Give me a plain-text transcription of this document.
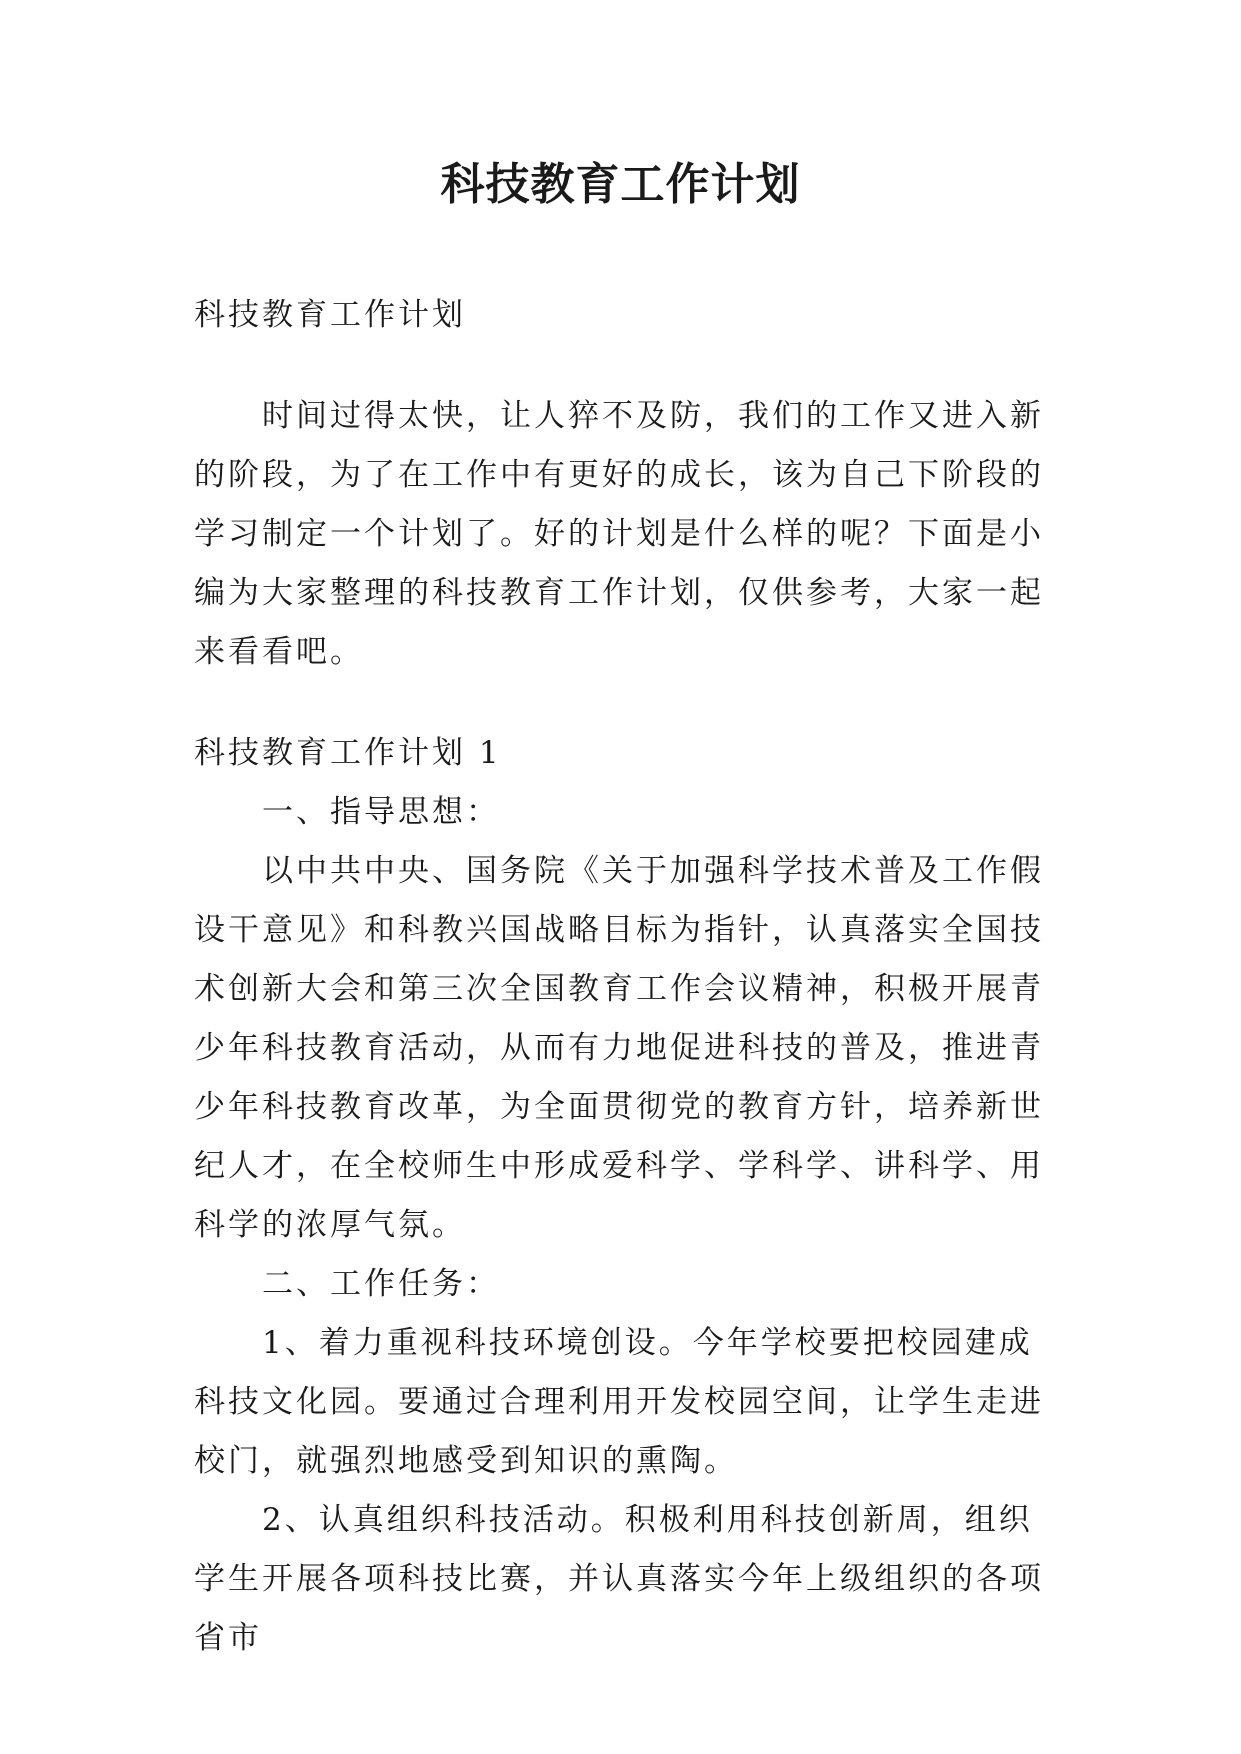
科技教育工作计划

科技教育工作计划

时间过得太快，让人猝不及防，我们的工作又进入新的阶段，为了在工作中有更好的成长，该为自己下阶段的学习制定一个计划了。好的计划是什么样的呢？下面是小编为大家整理的科技教育工作计划，仅供参考，大家一起来看看吧。

科技教育工作计划 1

一、指导思想：

以中共中央、国务院《关于加强科学技术普及工作假设干意见》和科教兴国战略目标为指针，认真落实全国技术创新大会和第三次全国教育工作会议精神，积极开展青少年科技教育活动，从而有力地促进科技的普及，推进青少年科技教育改革，为全面贯彻党的教育方针，培养新世纪人才，在全校师生中形成爱科学、学科学、讲科学、用科学的浓厚气氛。

二、工作任务：

1、着力重视科技环境创设。今年学校要把校园建成科技文化园。要通过合理利用开发校园空间，让学生走进校门，就强烈地感受到知识的熏陶。

2、认真组织科技活动。积极利用科技创新周，组织学生开展各项科技比赛，并认真落实今年上级组织的各项省市
